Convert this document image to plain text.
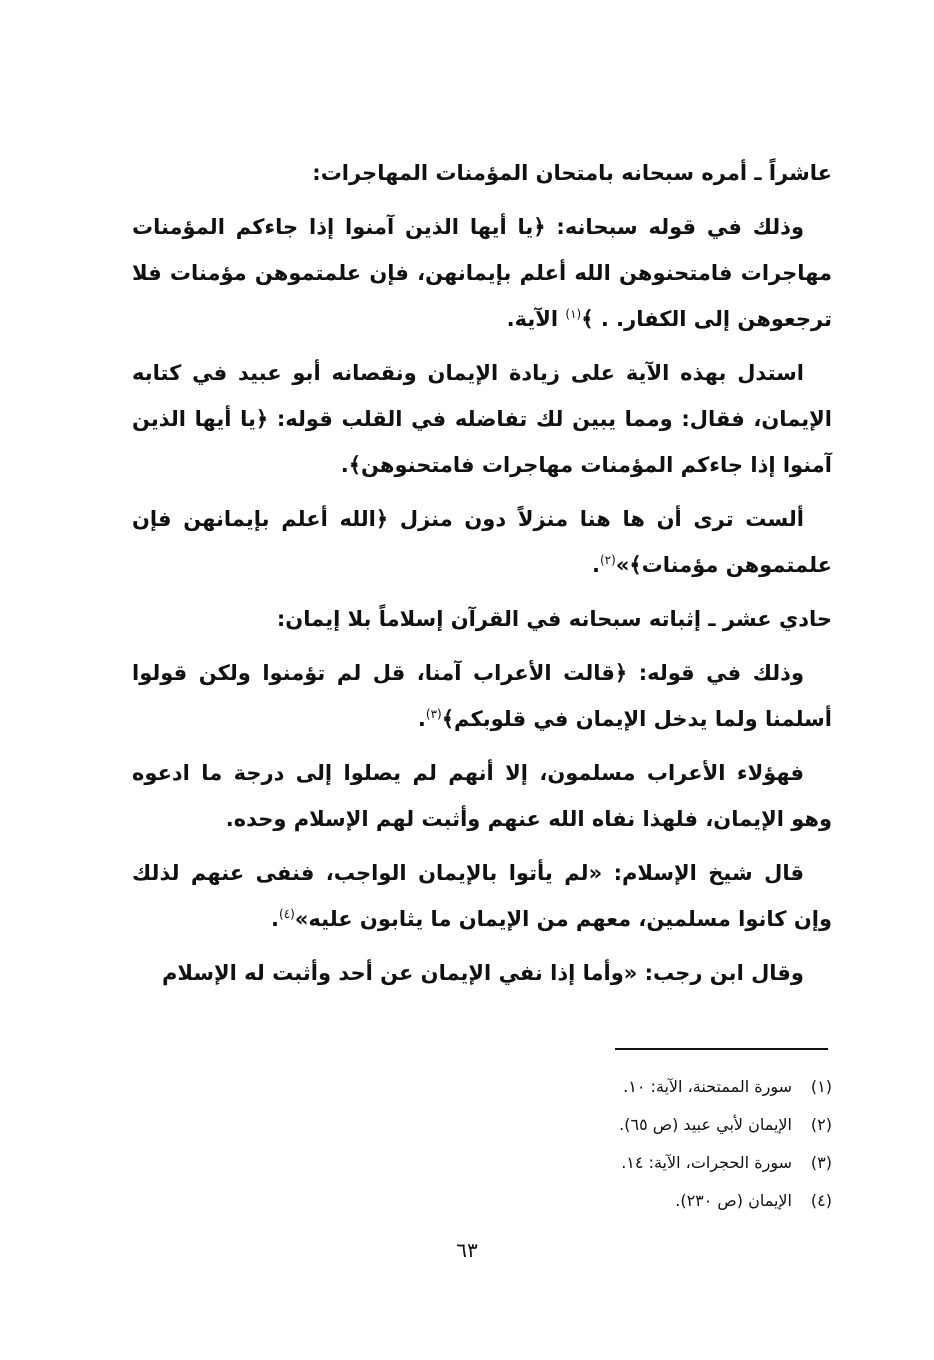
عاشراً ـ أمره سبحانه بامتحان المؤمنات المهاجرات:

وذلك في قوله سبحانه: ﴿يا أيها الذين آمنوا إذا جاءكم المؤمنات مهاجرات فامتحنوهن الله أعلم بإيمانهن، فإن علمتموهن مؤمنات فلا ترجعوهن إلى الكفار. . ﴾$^{(١)}$ الآية.

استدل بهذه الآية على زيادة الإيمان ونقصانه أبو عبيد في كتابه الإيمان، فقال: ومما يبين لك تفاضله في القلب قوله: ﴿يا أيها الذين آمنوا إذا جاءكم المؤمنات مهاجرات فامتحنوهن﴾.

ألست ترى أن ها هنا منزلاً دون منزل ﴿الله أعلم بإيمانهن فإن علمتموهن مؤمنات﴾»$^{(٢)}$.

حادي عشر ـ إثباته سبحانه في القرآن إسلاماً بلا إيمان:

وذلك في قوله: ﴿قالت الأعراب آمنا، قل لم تؤمنوا ولكن قولوا أسلمنا ولما يدخل الإيمان في قلوبكم﴾$^{(٣)}$.

فهؤلاء الأعراب مسلمون، إلا أنهم لم يصلوا إلى درجة ما ادعوه وهو الإيمان، فلهذا نفاه الله عنهم وأثبت لهم الإسلام وحده.

قال شيخ الإسلام: «لم يأتوا بالإيمان الواجب، فنفى عنهم لذلك وإن كانوا مسلمين، معهم من الإيمان ما يثابون عليه»$^{(٤)}$.

وقال ابن رجب: «وأما إذا نفي الإيمان عن أحد وأثبت له الإسلام

(١)سورة الممتحنة، الآية: ١٠.
(٢)الإيمان لأبي عبيد (ص ٦٥).
(٣)سورة الحجرات، الآية: ١٤.
(٤)الإيمان (ص ٢٣٠).
٦٣
